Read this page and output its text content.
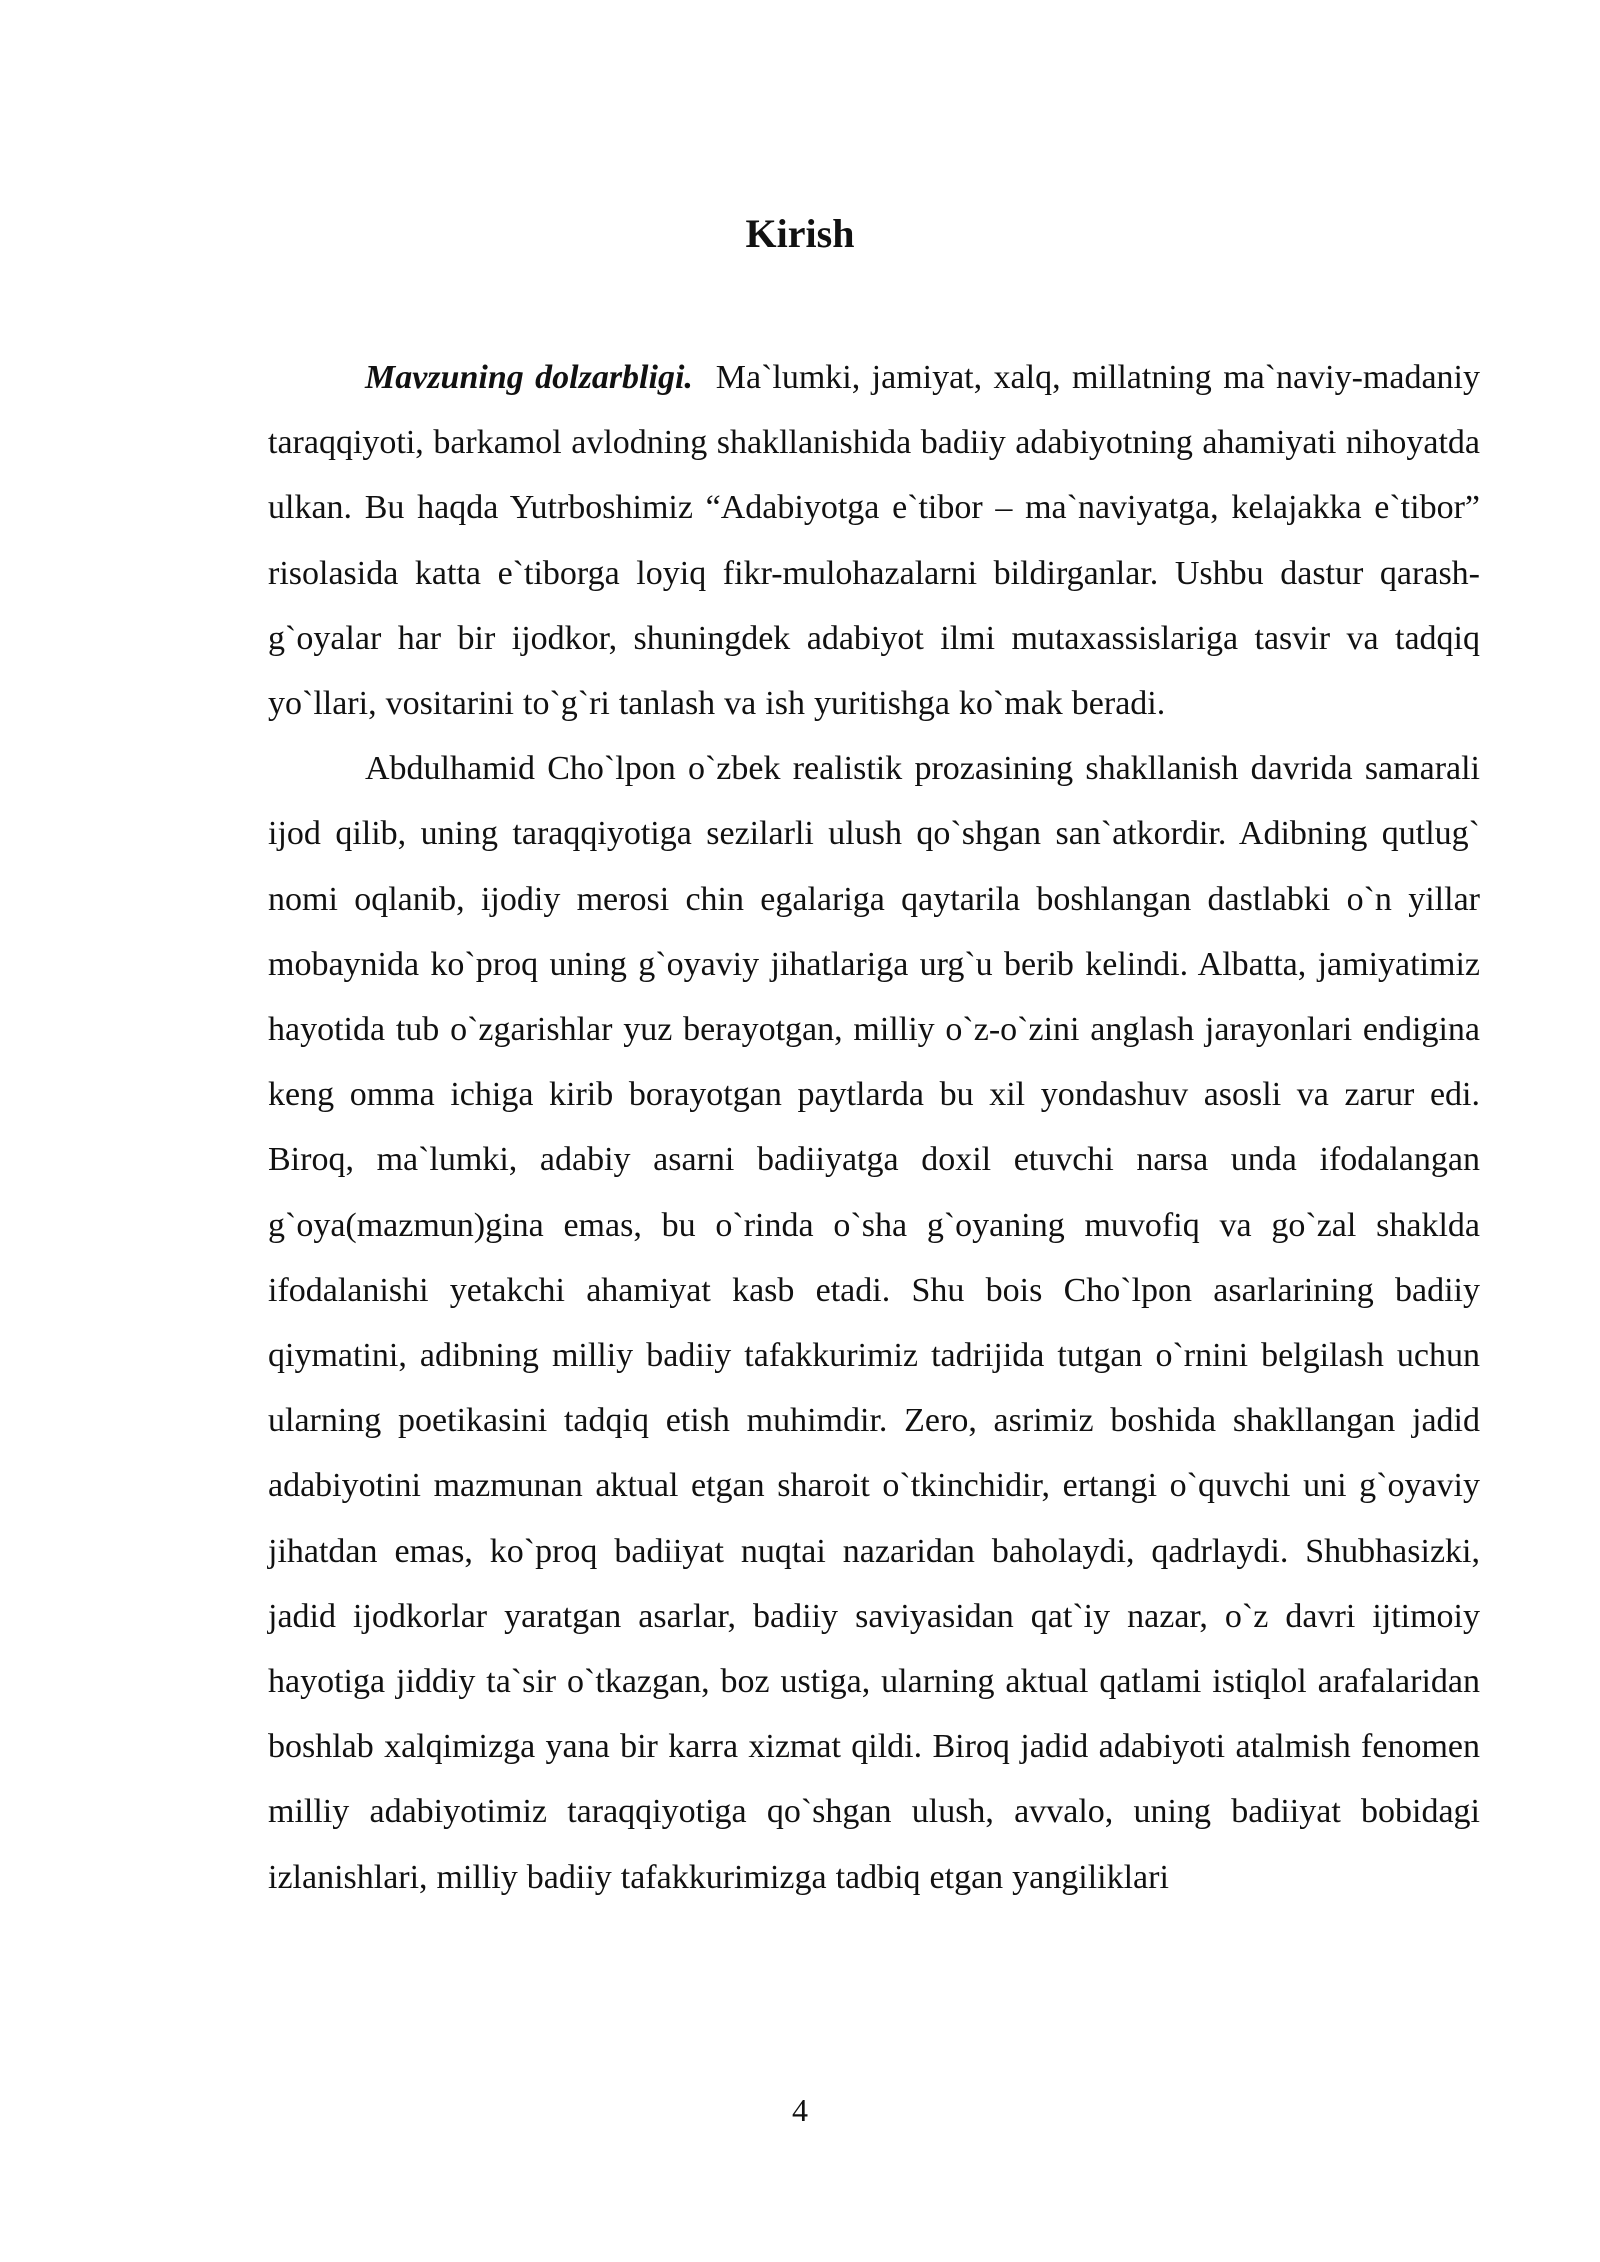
Kirish

Mavzuning dolzarbligi. Ma`lumki, jamiyat, xalq, millatning ma`naviy-madaniy taraqqiyoti, barkamol avlodning shakllanishida badiiy adabiyotning ahamiyati nihoyatda ulkan. Bu haqda Yutrboshimiz “Adabiyotga e`tibor – ma`naviyatga, kelajakka e`tibor” risolasida katta e`tiborga loyiq fikr-mulohazalarni bildirganlar. Ushbu dastur qarash-g`oyalar har bir ijodkor, shuningdek adabiyot ilmi mutaxassislariga tasvir va tadqiq yo`llari, vositarini to`g`ri tanlash va ish yuritishga ko`mak beradi.

Abdulhamid Cho`lpon o`zbek realistik prozasining shakllanish davrida samarali ijod qilib, uning taraqqiyotiga sezilarli ulush qo`shgan san`atkordir. Adibning qutlug` nomi oqlanib, ijodiy merosi chin egalariga qaytarila boshlangan dastlabki o`n yillar mobaynida ko`proq uning g`oyaviy jihatlariga urg`u berib kelindi. Albatta, jamiyatimiz hayotida tub o`zgarishlar yuz berayotgan, milliy o`z-o`zini anglash jarayonlari endigina keng omma ichiga kirib borayotgan paytlarda bu xil yondashuv asosli va zarur edi. Biroq, ma`lumki, adabiy asarni badiiyatga doxil etuvchi narsa unda ifodalangan g`oya(mazmun)gina emas, bu o`rinda o`sha g`oyaning muvofiq va go`zal shaklda ifodalanishi yetakchi ahamiyat kasb etadi. Shu bois Cho`lpon asarlarining badiiy qiymatini, adibning milliy badiiy tafakkurimiz tadrijida tutgan o`rnini belgilash uchun ularning poetikasini tadqiq etish muhimdir. Zero, asrimiz boshida shakllangan jadid adabiyotini mazmunan aktual etgan sharoit o`tkinchidir, ertangi o`quvchi uni g`oyaviy jihatdan emas, ko`proq badiiyat nuqtai nazaridan baholaydi, qadrlaydi. Shubhasizki, jadid ijodkorlar yaratgan asarlar, badiiy saviyasidan qat`iy nazar, o`z davri ijtimoiy hayotiga jiddiy ta`sir o`tkazgan, boz ustiga, ularning aktual qatlami istiqlol arafalaridan boshlab xalqimizga yana bir karra xizmat qildi. Biroq jadid adabiyoti atalmish fenomen milliy adabiyotimiz taraqqiyotiga qo`shgan ulush, avvalo, uning badiiyat bobidagi izlanishlari, milliy badiiy tafakkurimizga tadbiq etgan yangiliklari

4
